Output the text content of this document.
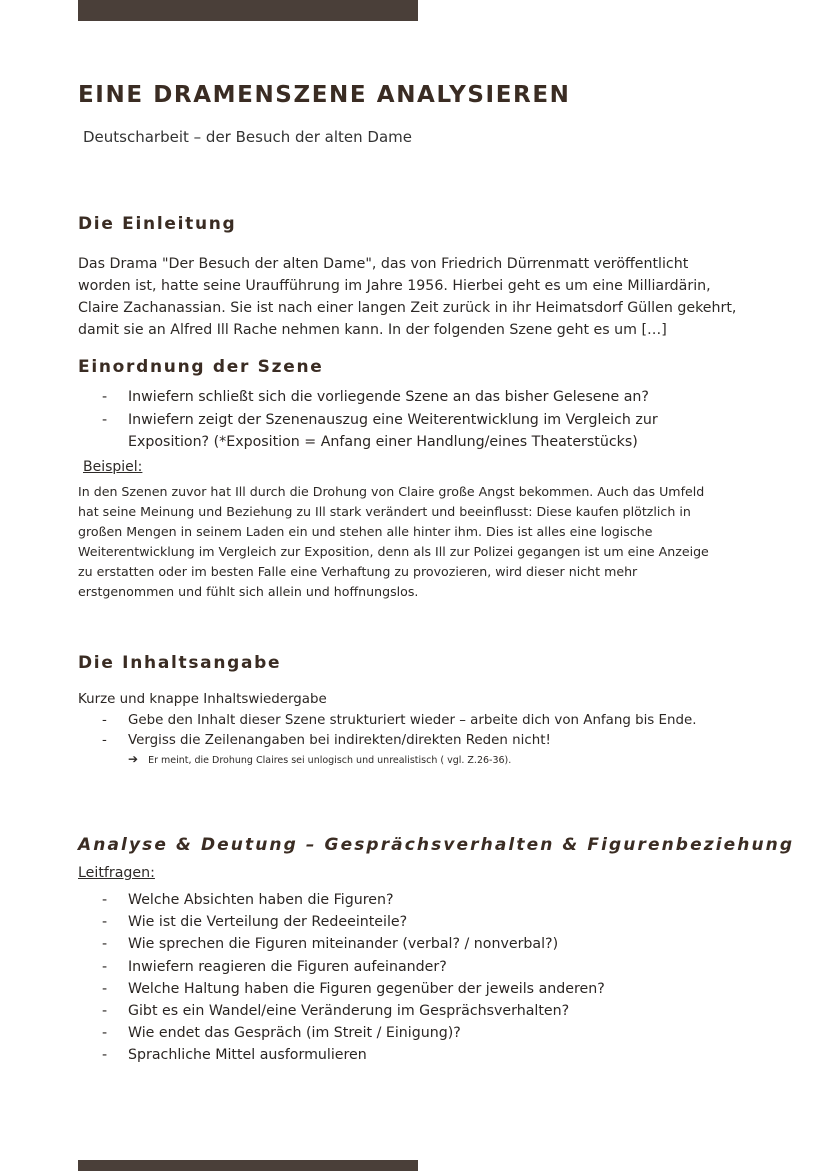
EINE DRAMENSZENE ANALYSIEREN
Deutscharbeit – der Besuch der alten Dame
Die Einleitung
Das Drama "Der Besuch der alten Dame", das von Friedrich Dürrenmatt veröffentlicht
worden ist, hatte seine Uraufführung im Jahre 1956. Hierbei geht es um eine Milliardärin,
Claire Zachanassian. Sie ist nach einer langen Zeit zurück in ihr Heimatsdorf Güllen gekehrt,
damit sie an Alfred Ill Rache nehmen kann. In der folgenden Szene geht es um […]
Einordnung der Szene
- Inwiefern schließt sich die vorliegende Szene an das bisher Gelesene an?
- Inwiefern zeigt der Szenenauszug eine Weiterentwicklung im Vergleich zur
Exposition? (*Exposition = Anfang einer Handlung/eines Theaterstücks)
Beispiel:
In den Szenen zuvor hat Ill durch die Drohung von Claire große Angst bekommen. Auch das Umfeld
hat seine Meinung und Beziehung zu Ill stark verändert und beeinflusst: Diese kaufen plötzlich in
großen Mengen in seinem Laden ein und stehen alle hinter ihm. Dies ist alles eine logische
Weiterentwicklung im Vergleich zur Exposition, denn als Ill zur Polizei gegangen ist um eine Anzeige
zu erstatten oder im besten Falle eine Verhaftung zu provozieren, wird dieser nicht mehr
erstgenommen und fühlt sich allein und hoffnungslos.
Die Inhaltsangabe
Kurze und knappe Inhaltswiedergabe
- Gebe den Inhalt dieser Szene strukturiert wieder – arbeite dich von Anfang bis Ende.
- Vergiss die Zeilenangaben bei indirekten/direkten Reden nicht!
➔ Er meint, die Drohung Claires sei unlogisch und unrealistisch ( vgl. Z.26-36).
Analyse & Deutung – Gesprächsverhalten & Figurenbeziehung
Leitfragen:
- Welche Absichten haben die Figuren?
- Wie ist die Verteilung der Redeeinteile?
- Wie sprechen die Figuren miteinander (verbal? / nonverbal?)
- Inwiefern reagieren die Figuren aufeinander?
- Welche Haltung haben die Figuren gegenüber der jeweils anderen?
- Gibt es ein Wandel/eine Veränderung im Gesprächsverhalten?
- Wie endet das Gespräch (im Streit / Einigung)?
- Sprachliche Mittel ausformulieren
